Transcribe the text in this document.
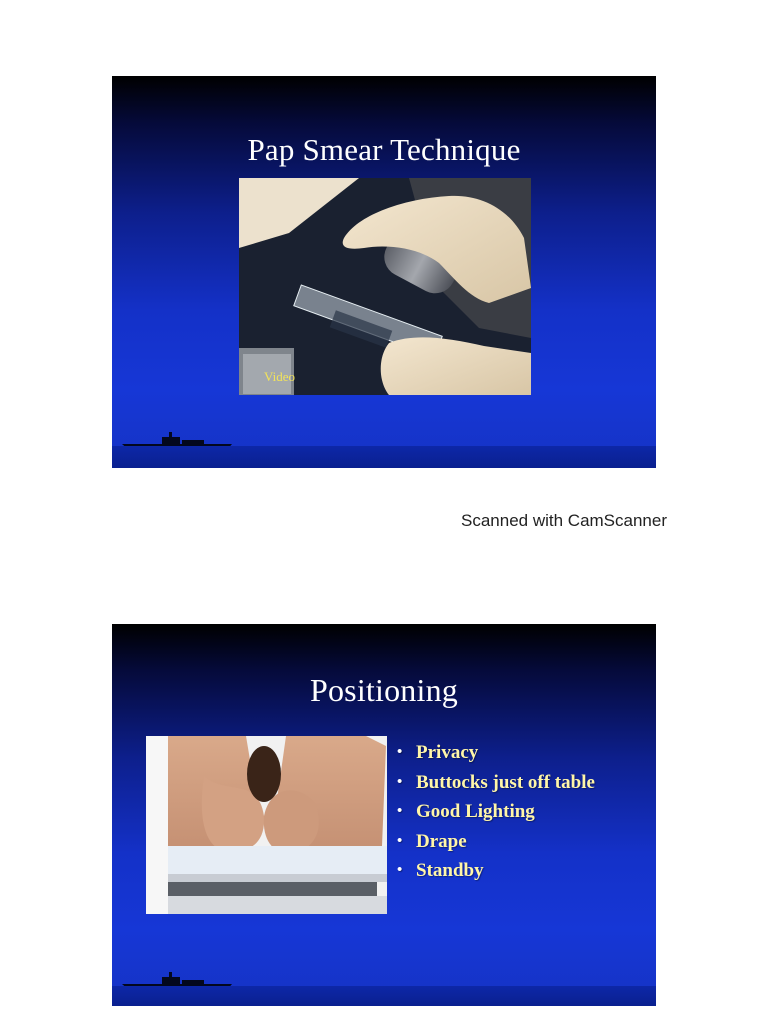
Pap Smear Technique
Video
Scanned with CamScanner
Positioning
• Privacy
• Buttocks just off table
• Good Lighting
• Drape
• Standby
